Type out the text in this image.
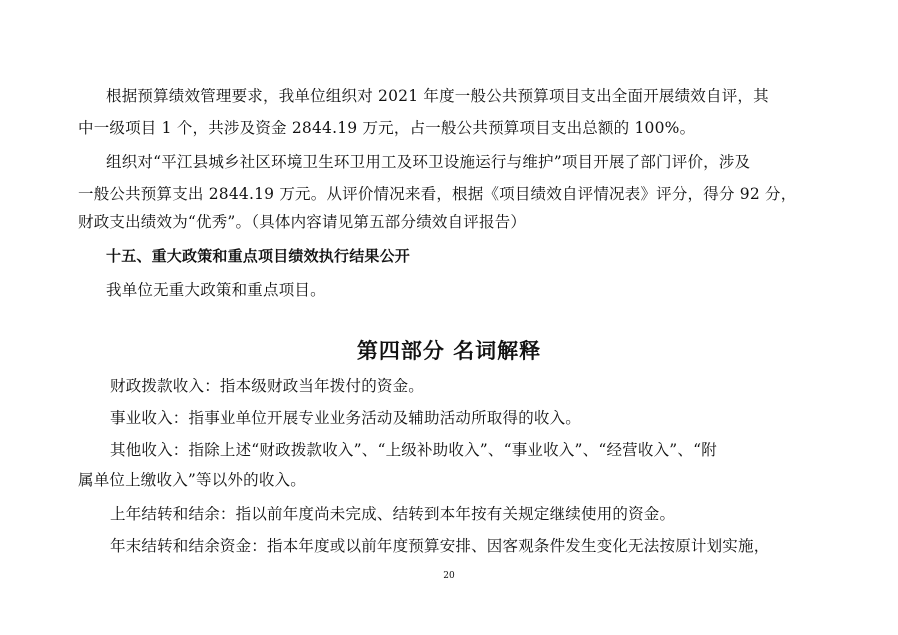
根据预算绩效管理要求，我单位组织对 2021 年度一般公共预算项目支出全面开展绩效自评，其
中一级项目 1 个，共涉及资金 2844.19 万元，占一般公共预算项目支出总额的 100%。
组织对“平江县城乡社区环境卫生环卫用工及环卫设施运行与维护”项目开展了部门评价，涉及
一般公共预算支出 2844.19 万元。从评价情况来看，根据《项目绩效自评情况表》评分，得分 92 分，
财政支出绩效为“优秀”。（具体内容请见第五部分绩效自评报告）
十五、重大政策和重点项目绩效执行结果公开
我单位无重大政策和重点项目。
第四部分 名词解释
财政拨款收入：指本级财政当年拨付的资金。
事业收入：指事业单位开展专业业务活动及辅助活动所取得的收入。
其他收入：指除上述“财政拨款收入”、“上级补助收入”、“事业收入”、“经营收入”、“附
属单位上缴收入”等以外的收入。
上年结转和结余：指以前年度尚未完成、结转到本年按有关规定继续使用的资金。
年末结转和结余资金：指本年度或以前年度预算安排、因客观条件发生变化无法按原计划实施，
20
